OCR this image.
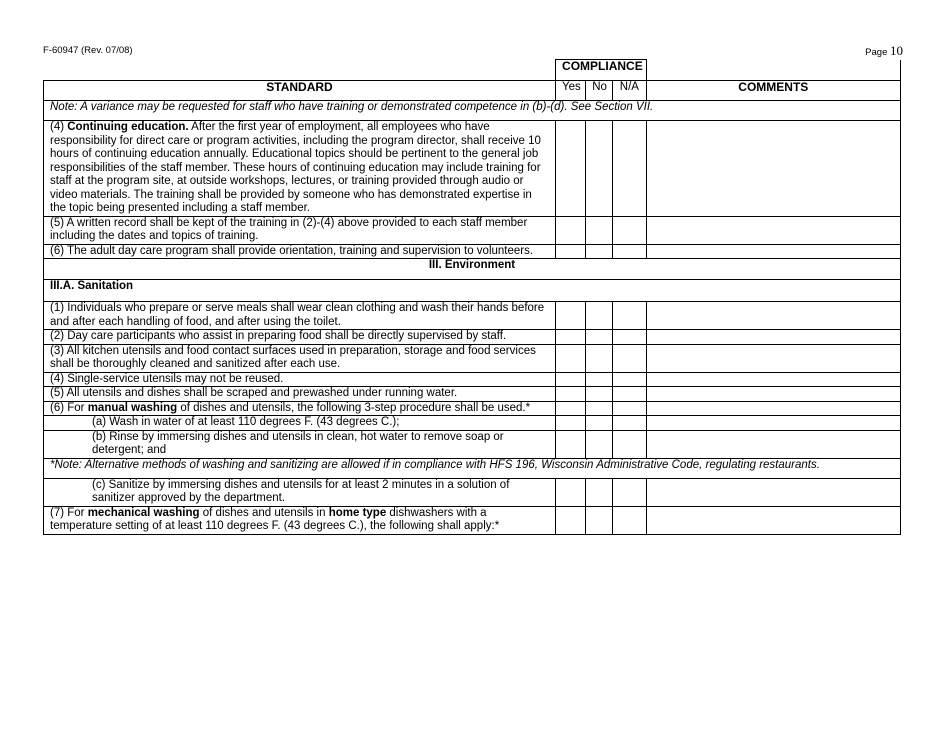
F-60947 (Rev. 07/08)	Page 10
	COMPLIANCE			
STANDARD	Yes	No	N/A	COMMENTS
Note: A variance may be requested for staff who have training or demonstrated competence in (b)-(d). See Section VII.				
(4) Continuing education. After the first year of employment, all employees who have responsibility for direct care or program activities, including the program director, shall receive 10 hours of continuing education annually. Educational topics should be pertinent to the general job responsibilities of the staff member. These hours of continuing education may include training for staff at the program site, at outside workshops, lectures, or training provided through audio or video materials. The training shall be provided by someone who has demonstrated expertise in the topic being presented including a staff member.				
(5) A written record shall be kept of the training in (2)-(4) above provided to each staff member including the dates and topics of training.				
(6) The adult day care program shall provide orientation, training and supervision to volunteers.				
III. Environment				
III.A. Sanitation				
(1) Individuals who prepare or serve meals shall wear clean clothing and wash their hands before and after each handling of food, and after using the toilet.				
(2) Day care participants who assist in preparing food shall be directly supervised by staff.				
(3) All kitchen utensils and food contact surfaces used in preparation, storage and food services shall be thoroughly cleaned and sanitized after each use.				
(4) Single-service utensils may not be reused.				
(5) All utensils and dishes shall be scraped and prewashed under running water.				
(6) For manual washing of dishes and utensils, the following 3-step procedure shall be used.*				
(a) Wash in water of at least 110 degrees F. (43 degrees C.);				
(b) Rinse by immersing dishes and utensils in clean, hot water to remove soap or detergent; and				
*Note: Alternative methods of washing and sanitizing are allowed if in compliance with HFS 196, Wisconsin Administrative Code, regulating restaurants.				
(c) Sanitize by immersing dishes and utensils for at least 2 minutes in a solution of sanitizer approved by the department.				
(7) For mechanical washing of dishes and utensils in home type dishwashers with a temperature setting of at least 110 degrees F. (43 degrees C.), the following shall apply:*				
